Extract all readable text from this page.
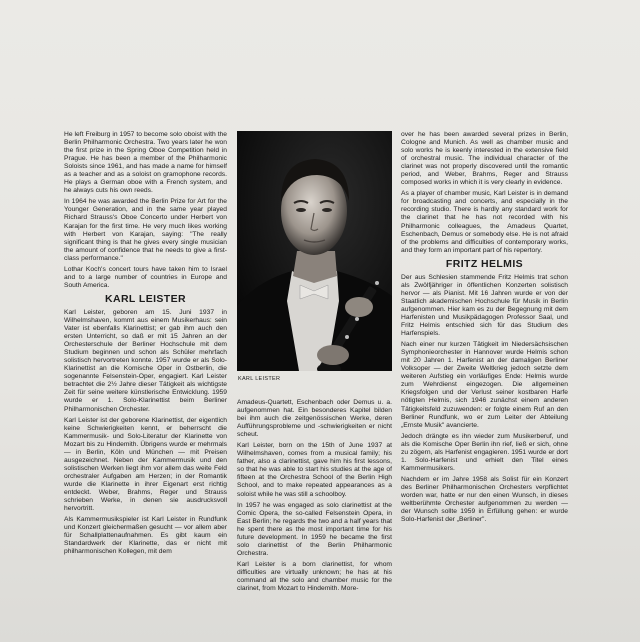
He left Freiburg in 1957 to become solo oboist with the Berlin Philharmonic Orchestra. Two years later he won the first prize in the Spring Oboe Competition held in Prague. He has been a member of the Philharmonic Soloists since 1961, and has made a name for himself as a teacher and as a soloist on gramophone records. He plays a German oboe with a French system, and he always cuts his own reeds.

In 1964 he was awarded the Berlin Prize for Art for the Younger Generation, and in the same year played Richard Strauss's Oboe Concerto under Herbert von Karajan for the first time. He very much likes working with Herbert von Karajan, saying: "The really significant thing is that he gives every single musician the amount of confidence that he needs to give a first-class performance."

Lothar Koch's concert tours have taken him to Israel and to a large number of countries in Europe and South America.

KARL LEISTER

Karl Leister, geboren am 15. Juni 1937 in Wilhelmshaven, kommt aus einem Musikerhaus: sein Vater ist ebenfalls Klarinettist; er gab ihm auch den ersten Unterricht, so daß er mit 15 Jahren an der Orchesterschule der Berliner Hochschule mit dem Studium beginnen und schon als Schüler mehrfach solistisch hervortreten konnte. 1957 wurde er als Solo-Klarinettist an die Komische Oper in Ostberlin, die sogenannte Felsenstein-Oper, engagiert. Karl Leister betrachtet die 2½ Jahre dieser Tätigkeit als wichtigste Zeit für seine weitere künstlerische Entwicklung. 1959 wurde er 1. Solo-Klarinettist beim Berliner Philharmonischen Orchester.

Karl Leister ist der geborene Klarinettist, der eigentlich keine Schwierigkeiten kennt, er beherrscht die Kammermusik- und Solo-Literatur der Klarinette von Mozart bis zu Hindemith. Übrigens wurde er mehrmals — in Berlin, Köln und München — mit Preisen ausgezeichnet. Neben der Kammermusik und den solistischen Werken liegt ihm vor allem das weite Feld orchestraler Aufgaben am Herzen; in der Romantik wurde die Klarinette in ihrer Eigenart erst richtig entdeckt. Weber, Brahms, Reger und Strauss schrieben Werke, in denen sie ausdrucksvoll hervortritt.

Als Kammermusikspieler ist Karl Leister in Rundfunk und Konzert gleichermaßen gesucht — vor allem aber für Schallplattenaufnahmen. Es gibt kaum ein Standardwerk der Klarinette, das er nicht mit philharmonischen Kollegen, mit dem

KARL LEISTER

Amadeus-Quartett, Eschenbach oder Demus u. a. aufgenommen hat. Ein besonderes Kapitel bilden bei ihm auch die zeitgenössischen Werke, deren Aufführungsprobleme und -schwierigkeiten er nicht scheut.

Karl Leister, born on the 15th of June 1937 at Wilhelmshaven, comes from a musical family; his father, also a clarinettist, gave him his first lessons, so that he was able to start his studies at the age of fifteen at the Orchestra School of the Berlin High School, and to make repeated appearances as a soloist while he was still a schoolboy.

In 1957 he was engaged as solo clarinettist at the Comic Opera, the so-called Felsenstein Opera, in East Berlin; he regards the two and a half years that he spent there as the most important time for his future development. In 1959 he became the first solo clarinettist of the Berlin Philharmonic Orchestra.

Karl Leister is a born clarinettist, for whom difficulties are virtually unknown; he has at his command all the solo and chamber music for the clarinet, from Mozart to Hindemith. More-

over he has been awarded several prizes in Berlin, Cologne and Munich. As well as chamber music and solo works he is keenly interested in the extensive field of orchestral music. The individual character of the clarinet was not properly discovered until the romantic period, and Weber, Brahms, Reger and Strauss composed works in which it is very clearly in evidence.

As a player of chamber music, Karl Leister is in demand for broadcasting and concerts, and especially in the recording studio. There is hardly any standard work for the clarinet that he has not recorded with his Philharmonic colleagues, the Amadeus Quartet, Eschenbach, Demus or somebody else. He is not afraid of the problems and difficulties of contemporary works, and they form an important part of his repertory.

FRITZ HELMIS

Der aus Schlesien stammende Fritz Helmis trat schon als Zwölfjähriger in öffentlichen Konzerten solistisch hervor — als Pianist. Mit 16 Jahren wurde er von der Staatlich akademischen Hochschule für Musik in Berlin aufgenommen. Hier kam es zu der Begegnung mit dem Harfenisten und Musikpädagogen Professor Saal, und Fritz Helmis entschied sich für das Studium des Harfenspiels.

Nach einer nur kurzen Tätigkeit im Niedersächsischen Symphonieorchester in Hannover wurde Helmis schon mit 20 Jahren 1. Harfenist an der damaligen Berliner Volksoper — der Zweite Weltkrieg jedoch setzte dem weiteren Aufstieg ein vorläufiges Ende: Helmis wurde zum Wehrdienst eingezogen. Die allgemeinen Kriegsfolgen und der Verlust seiner kostbaren Harfe nötigten Helmis, sich 1946 zunächst einem anderen Tätigkeitsfeld zuzuwenden: er folgte einem Ruf an den Berliner Rundfunk, wo er zum Leiter der Abteilung „Ernste Musik" avancierte.

Jedoch drängte es ihn wieder zum Musikerberuf, und als die Komische Oper Berlin ihn rief, ließ er sich, ohne zu zögern, als Harfenist engagieren. 1951 wurde er dort 1. Solo-Harfenist und erhielt den Titel eines Kammermusikers.

Nachdem er im Jahre 1958 als Solist für ein Konzert des Berliner Philharmonischen Orchesters verpflichtet worden war, hatte er nur den einen Wunsch, in dieses weltberühmte Orchester aufgenommen zu werden — der Wunsch sollte 1959 in Erfüllung gehen: er wurde Solo-Harfenist der „Berliner".
